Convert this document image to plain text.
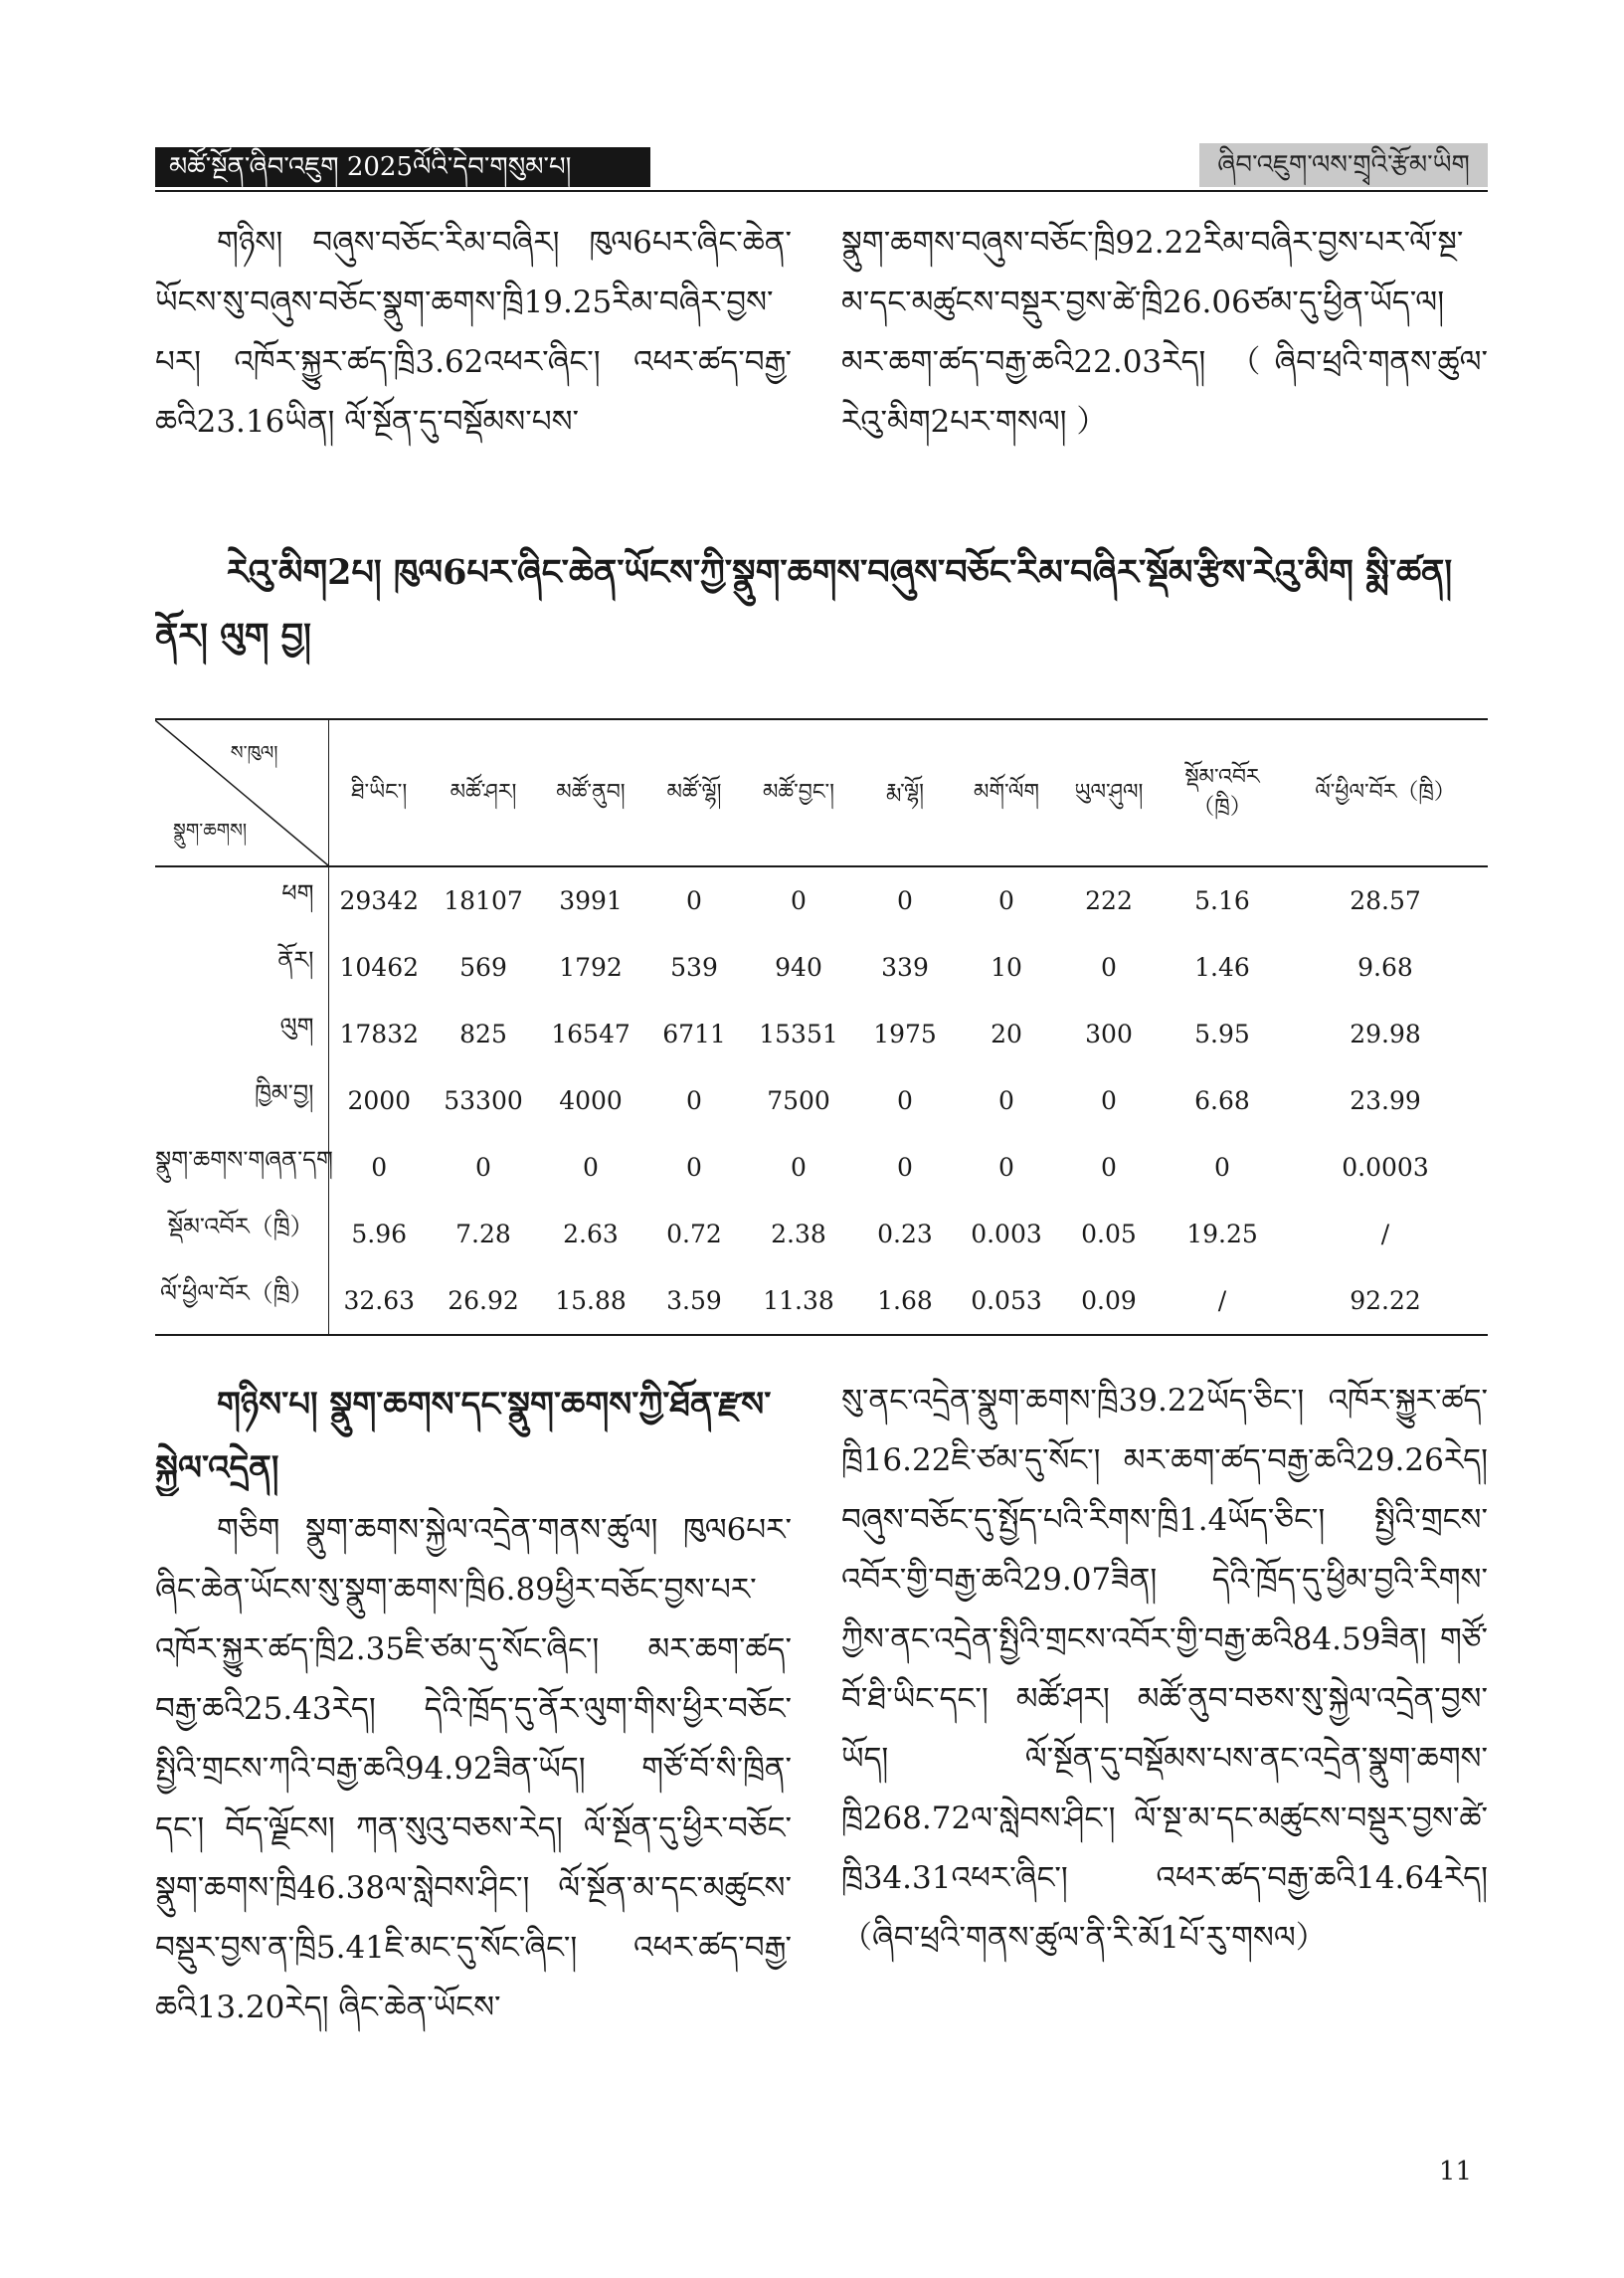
མཚོ་སྔོན་ཞིབ་འཇུག 2025ལོའི་དེབ་གསུམ་པ།	ཞིབ་འཇུག་ལས་གྲྭའི་རྩོམ་ཡིག

གཉིས། བཞུས་བཅོང་རིམ་བཞིར། ཁུལ6པར་ཞིང་ཆེན་ཡོངས་སུ་བཞུས་བཅོང་སྣུག་ཆགས་ཁྲི19.25རིམ་བཞིར་བྱས་པར། འཁོར་སྐྱུར་ཚད་ཁྲི3.62འཕར་ཞིང་། འཕར་ཚད་བརྒྱ་ཆའི23.16ཡིན། ལོ་སྔོན་དུ་བསྡོམས་པས་

སྣུག་ཆགས་བཞུས་བཅོང་ཁྲི92.22རིམ་བཞིར་བྱས་པར་ལོ་སྔ་མ་དང་མཚུངས་བསྡུར་བྱས་ཚེ་ཁྲི26.06ཙམ་དུ་ཕྱིན་ཡོད་ལ། མར་ཆག་ཚད་བརྒྱ་ཆའི22.03རེད། （ཞིབ་ཕྲའི་གནས་ཚུལ་རེའུ་མིག2པར་གསལ། ）

རེའུ་མིག2པ། ཁུལ6པར་ཞིང་ཆེན་ཡོངས་ཀྱི་སྣུག་ཆགས་བཞུས་བཅོང་རིམ་བཞིར་སྡོམ་རྩིས་རེའུ་མིག སྨི་ཚན། ནོར། ལུག བྱ།

ས་ཁུལ།
སྣུག་ཆགས།	ཐི་ཡིང་།	མཚོ་ཤར།	མཚོ་ནུབ།	མཚོ་ལྷོ།	མཚོ་བྱང་།	རྨ་ལྷོ།	མགོ་ལོག	ཡུལ་ཤུལ།	སྡོམ་འབོར（ཁྲི）	ལོ་ཕྱིལ་བོར（ཁྲི）
ཕག	29342	18107	3991	0	0	0	0	222	5.16	28.57
ནོར།	10462	569	1792	539	940	339	10	0	1.46	9.68
ལུག	17832	825	16547	6711	15351	1975	20	300	5.95	29.98
ཁྱིམ་བྱ།	2000	53300	4000	0	7500	0	0	0	6.68	23.99
སྣུག་ཆགས་གཞན་དག	0	0	0	0	0	0	0	0	0	0.0003
སྡོམ་འབོར（ཁྲི）	5.96	7.28	2.63	0.72	2.38	0.23	0.003	0.05	19.25	/
ལོ་ཕྱིལ་བོར（ཁྲི）	32.63	26.92	15.88	3.59	11.38	1.68	0.053	0.09	/	92.22

གཉིས་པ། སྣུག་ཆགས་དང་སྣུག་ཆགས་ཀྱི་ཐོན་རྫས་སྐྱེལ་འདྲེན།

གཅིག སྣུག་ཆགས་སྐྱེལ་འདྲེན་གནས་ཚུལ། ཁུལ6པར་ཞིང་ཆེན་ཡོངས་སུ་སྣུག་ཆགས་ཁྲི6.89ཕྱིར་བཅོང་བྱས་པར་འཁོར་སྐྱུར་ཚད་ཁྲི2.35ཇི་ཙམ་དུ་སོང་ཞིང་། མར་ཆག་ཚད་བརྒྱ་ཆའི25.43རེད། དེའི་ཁྲོད་དུ་ནོར་ལུག་གིས་ཕྱིར་བཅོང་སྤྱིའི་གྲངས་ཀའི་བརྒྱ་ཆའི94.92ཟིན་ཡོད། གཙོ་བོ་སི་ཁྲིན་དང་། བོད་ལྗོངས། ཀན་སུའུ་བཅས་རེད། ལོ་སྔོན་དུ་ཕྱིར་བཅོང་སྣུག་ཆགས་ཁྲི46.38ལ་སླེབས་ཤིང་། ལོ་སྔོན་མ་དང་མཚུངས་བསྡུར་བྱས་ན་ཁྲི5.41ཇི་མང་དུ་སོང་ཞིང་། འཕར་ཚད་བརྒྱ་ཆའི13.20རེད། ཞིང་ཆེན་ཡོངས་

སུ་ནང་འདྲེན་སྣུག་ཆགས་ཁྲི39.22ཡོད་ཅིང་། འཁོར་སྐྱུར་ཚད་ཁྲི16.22ཇི་ཙམ་དུ་སོང་། མར་ཆག་ཚད་བརྒྱ་ཆའི29.26རེད། བཞུས་བཅོང་དུ་སྤྱོད་པའི་རིགས་ཁྲི1.4ཡོད་ཅིང་། སྤྱིའི་གྲངས་འབོར་གྱི་བརྒྱ་ཆའི29.07ཟིན། དེའི་ཁྲོད་དུ་ཕྱིམ་བྱའི་རིགས་ཀྱིས་ནང་འདྲེན་སྤྱིའི་གྲངས་འབོར་གྱི་བརྒྱ་ཆའི84.59ཟིན། གཙོ་བོ་ཐི་ཡིང་དང་། མཚོ་ཤར། མཚོ་ནུབ་བཅས་སུ་སྐྱེལ་འདྲེན་བྱས་ཡོད། ལོ་སྔོན་དུ་བསྡོམས་པས་ནང་འདྲེན་སྣུག་ཆགས་ཁྲི268.72ལ་སླེབས་ཤིང་། ལོ་སྔ་མ་དང་མཚུངས་བསྡུར་བྱས་ཚེ་ཁྲི34.31འཕར་ཞིང་། འཕར་ཚད་བརྒྱ་ཆའི14.64རེད། （ཞིབ་ཕྲའི་གནས་ཚུལ་ནི་རི་མོ1པོ་རུ་གསལ）

11
